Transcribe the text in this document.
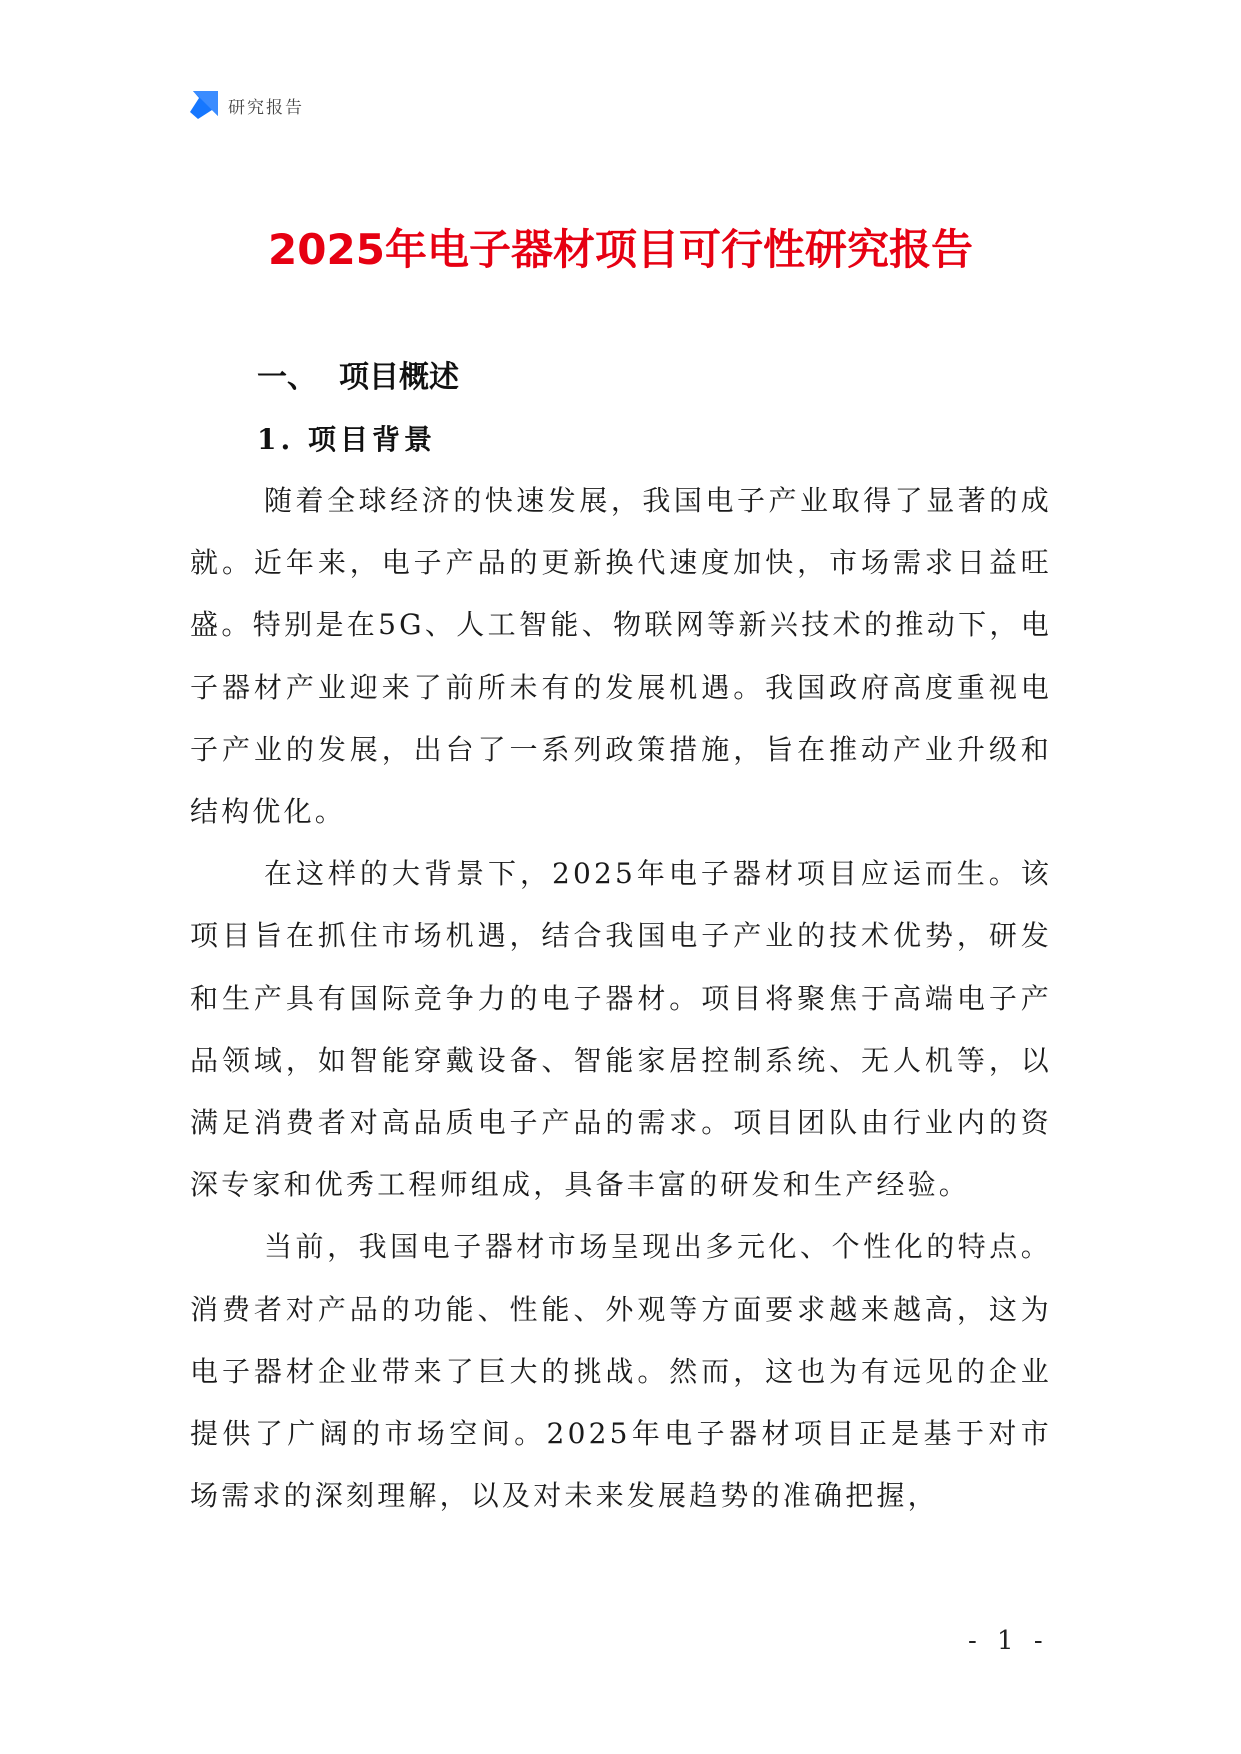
研究报告
2025年电子器材项目可行性研究报告
一、 项目概述
1. 项目背景

随着全球经济的快速发展，我国电子产业取得了显著的成就。近年来，电子产品的更新换代速度加快，市场需求日益旺盛。特别是在5G、人工智能、物联网等新兴技术的推动下，电子器材产业迎来了前所未有的发展机遇。我国政府高度重视电子产业的发展，出台了一系列政策措施，旨在推动产业升级和结构优化。

在这样的大背景下，2025年电子器材项目应运而生。该项目旨在抓住市场机遇，结合我国电子产业的技术优势，研发和生产具有国际竞争力的电子器材。项目将聚焦于高端电子产品领域，如智能穿戴设备、智能家居控制系统、无人机等，以满足消费者对高品质电子产品的需求。项目团队由行业内的资深专家和优秀工程师组成，具备丰富的研发和生产经验。

当前，我国电子器材市场呈现出多元化、个性化的特点。消费者对产品的功能、性能、外观等方面要求越来越高，这为电子器材企业带来了巨大的挑战。然而，这也为有远见的企业提供了广阔的市场空间。2025年电子器材项目正是基于对市场需求的深刻理解，以及对未来发展趋势的准确把握，

- 1 -
